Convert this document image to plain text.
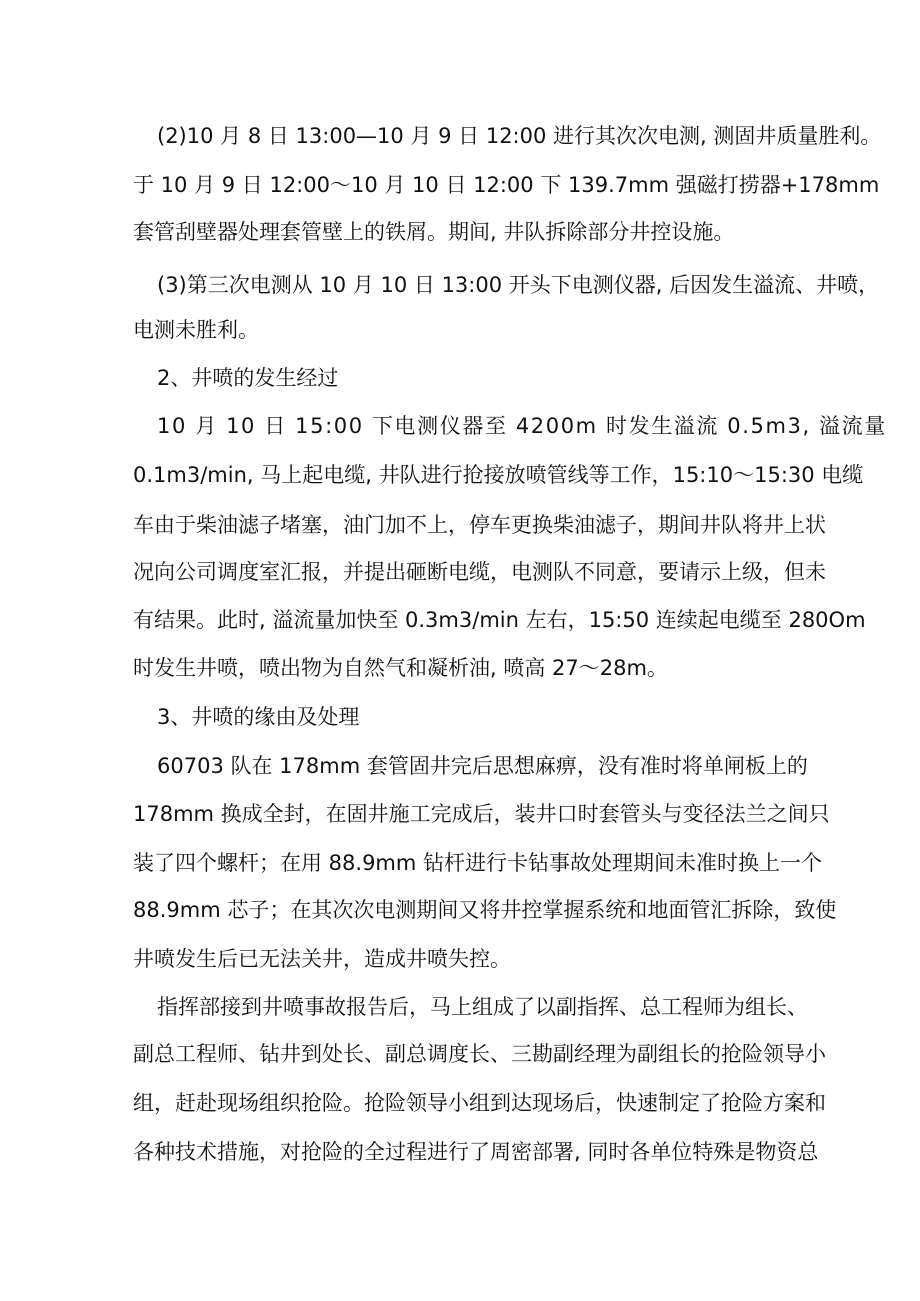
(2)10 月 8 日 13:00—10 月 9 日 12:00 进行其次次电测, 测固井质量胜利。
于 10 月 9 日 12:00～10 月 10 日 12:00 下 139.7mm 强磁打捞器+178mm
套管刮壁器处理套管壁上的铁屑。期间, 井队拆除部分井控设施。
(3)第三次电测从 10 月 10 日 13:00 开头下电测仪器, 后因发生溢流、井喷，
电测未胜利。
2、井喷的发生经过
10 月 10 日 15:00 下电测仪器至 4200m 时发生溢流 0.5m3, 溢流量
0.1m3/min, 马上起电缆, 井队进行抢接放喷管线等工作，15:10～15:30 电缆
车由于柴油滤子堵塞，油门加不上，停车更换柴油滤子，期间井队将井上状
况向公司调度室汇报，并提出砸断电缆，电测队不同意，要请示上级，但未
有结果。此时, 溢流量加快至 0.3m3/min 左右，15:50 连续起电缆至 280Om
时发生井喷，喷出物为自然气和凝析油, 喷高 27～28m。
3、井喷的缘由及处理
60703 队在 178mm 套管固井完后思想麻痹，没有准时将单闸板上的
178mm 换成全封，在固井施工完成后，装井口时套管头与变径法兰之间只
装了四个螺杆；在用 88.9mm 钻杆进行卡钻事故处理期间未准时换上一个
88.9mm 芯子；在其次次电测期间又将井控掌握系统和地面管汇拆除，致使
井喷发生后已无法关井，造成井喷失控。
指挥部接到井喷事故报告后，马上组成了以副指挥、总工程师为组长、
副总工程师、钻井到处长、副总调度长、三勘副经理为副组长的抢险领导小
组，赶赴现场组织抢险。抢险领导小组到达现场后，快速制定了抢险方案和
各种技术措施，对抢险的全过程进行了周密部署, 同时各单位特殊是物资总
